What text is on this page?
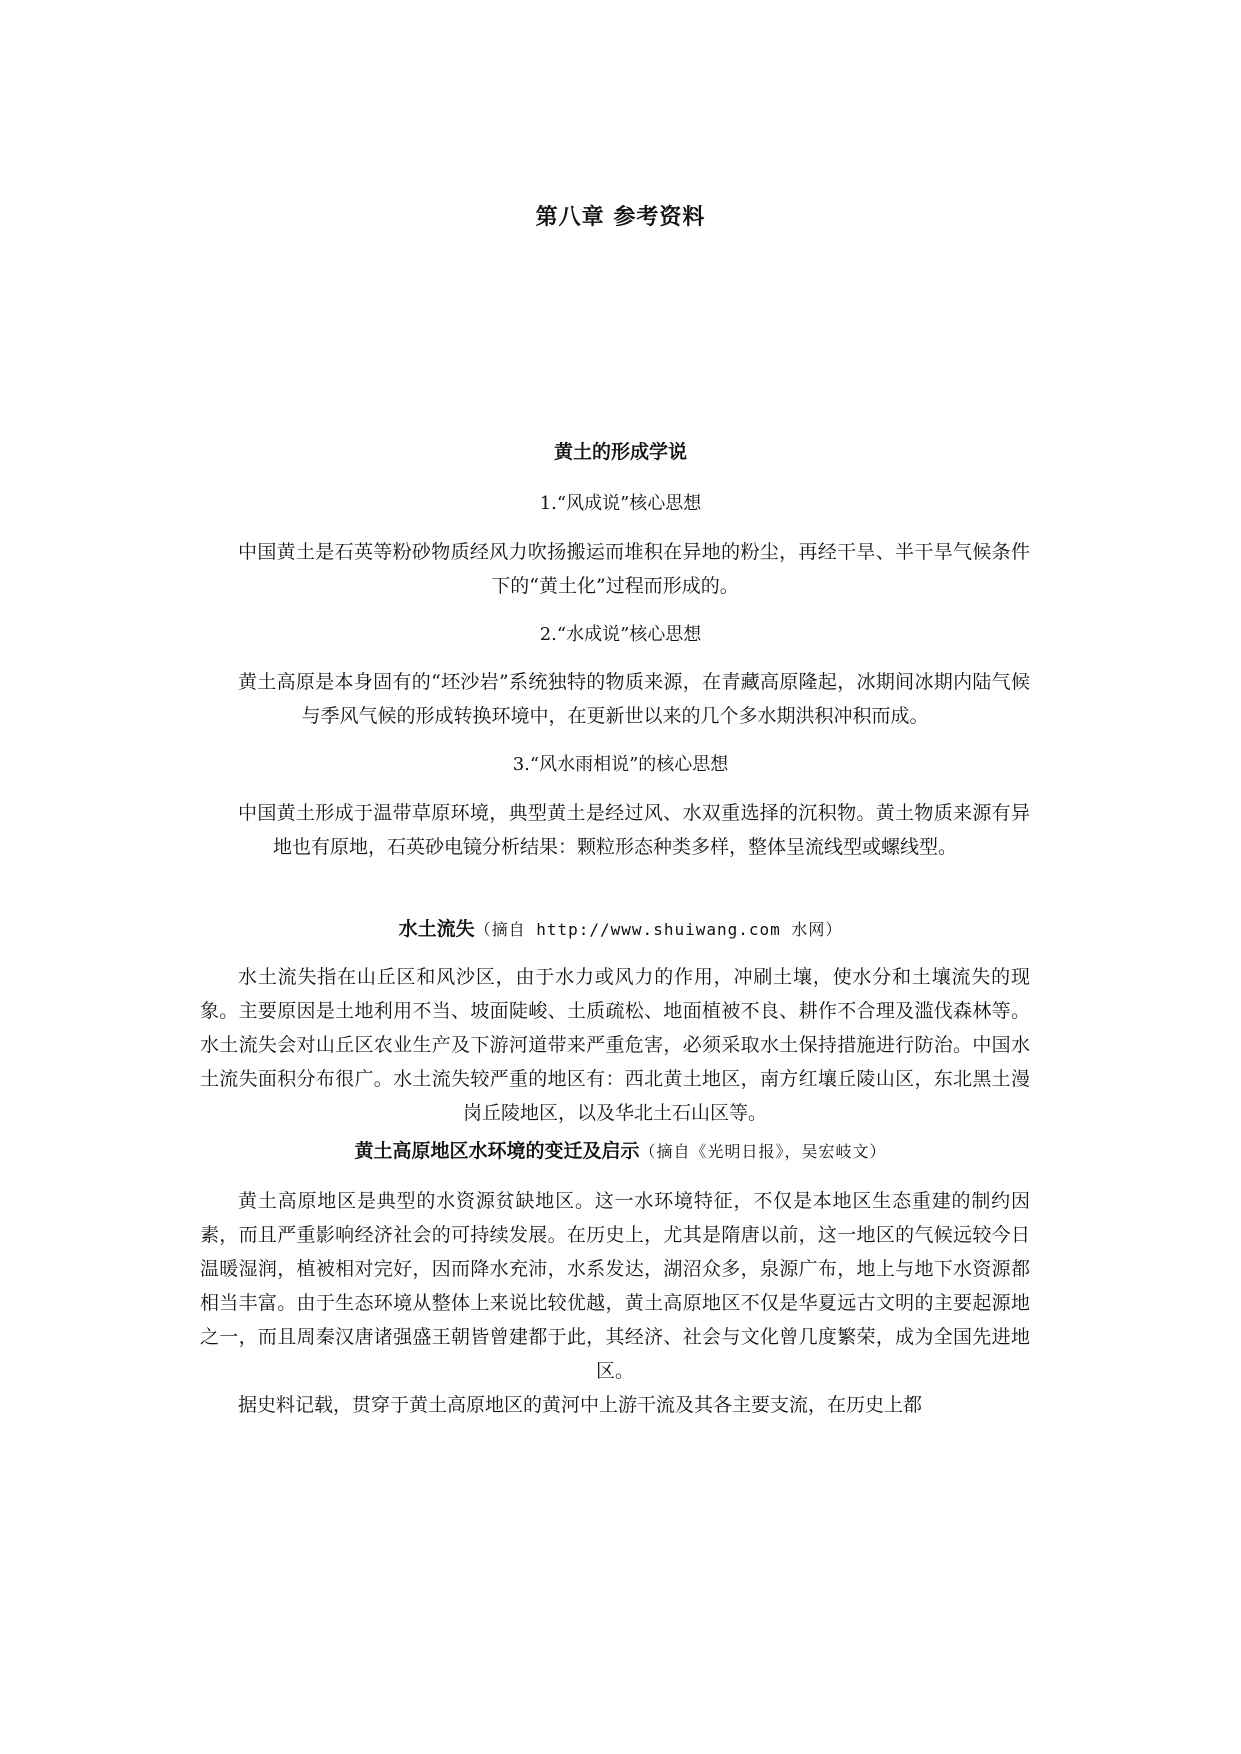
第八章 参考资料
黄土的形成学说
1.“风成说”核心思想

中国黄土是石英等粉砂物质经风力吹扬搬运而堆积在异地的粉尘，再经干旱、半干旱气候条件下的“黄土化”过程而形成的。

2.“水成说”核心思想

黄土高原是本身固有的“坯沙岩”系统独特的物质来源，在青藏高原隆起，冰期间冰期内陆气候与季风气候的形成转换环境中，在更新世以来的几个多水期洪积冲积而成。

3.“风水雨相说”的核心思想

中国黄土形成于温带草原环境，典型黄土是经过风、水双重选择的沉积物。黄土物质来源有异地也有原地，石英砂电镜分析结果：颗粒形态种类多样，整体呈流线型或螺线型。

水土流失（摘自 http://www.shuiwang.com 水网）

水土流失指在山丘区和风沙区，由于水力或风力的作用，冲刷土壤，使水分和土壤流失的现象。主要原因是土地利用不当、坡面陡峻、土质疏松、地面植被不良、耕作不合理及滥伐森林等。水土流失会对山丘区农业生产及下游河道带来严重危害，必须采取水土保持措施进行防治。中国水土流失面积分布很广。水土流失较严重的地区有：西北黄土地区，南方红壤丘陵山区，东北黑土漫岗丘陵地区，以及华北土石山区等。

黄土高原地区水环境的变迁及启示（摘自《光明日报》，吴宏岐文）

黄土高原地区是典型的水资源贫缺地区。这一水环境特征，不仅是本地区生态重建的制约因素，而且严重影响经济社会的可持续发展。在历史上，尤其是隋唐以前，这一地区的气候远较今日温暖湿润，植被相对完好，因而降水充沛，水系发达，湖沼众多，泉源广布，地上与地下水资源都相当丰富。由于生态环境从整体上来说比较优越，黄土高原地区不仅是华夏远古文明的主要起源地之一，而且周秦汉唐诸强盛王朝皆曾建都于此，其经济、社会与文化曾几度繁荣，成为全国先进地区。

据史料记载，贯穿于黄土高原地区的黄河中上游干流及其各主要支流，在历史上都
